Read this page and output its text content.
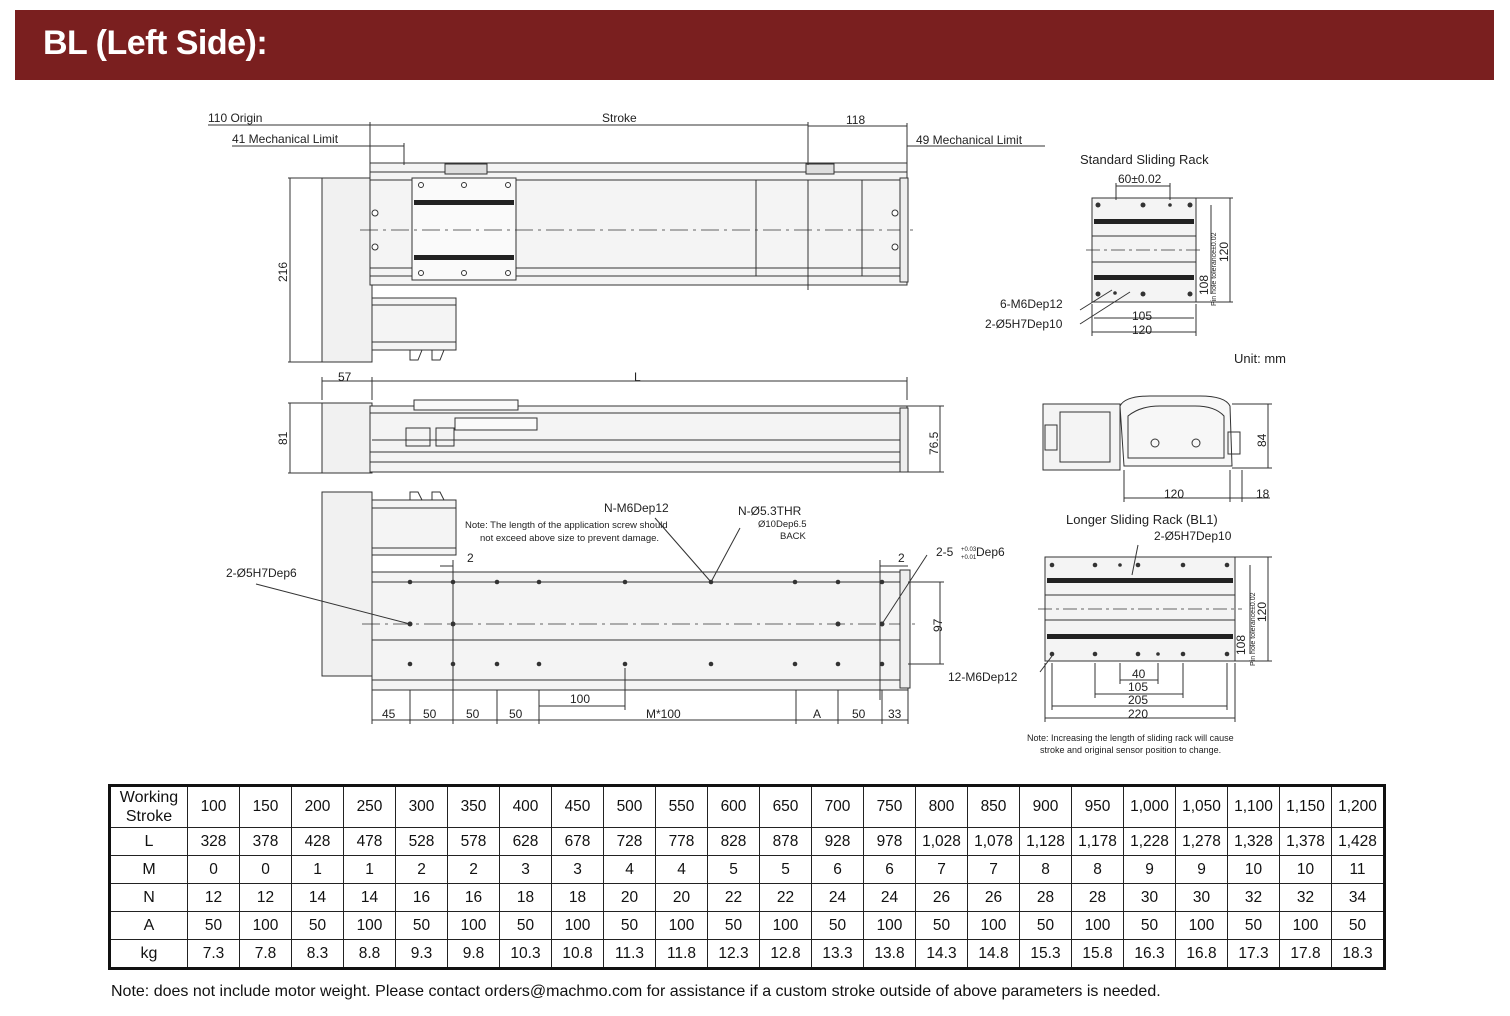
BL (Left Side):
110 Origin
41 Mechanical Limit
Stroke	118
49 Mechanical Limit
216
57	L
81	76.5
N-M6Dep12	N-Ø5.3THR
Ø10Dep6.5
BACK
2-Ø5H7Dep6
2-5 +0.03
+0.01 Dep6
2	2
97
100
45 50 50 50	M*100	A	50 33
Standard Sliding Rack
60±0.02
6-M6Dep12
2-Ø5H7Dep10
105
120
108
120
Pin hole tolerance±0.02
Unit: mm
84
120	18
Longer Sliding Rack (BL1)
2-Ø5H7Dep10
12-M6Dep12	40
105
205
220
108
120
Pin hole tolerance±0.02
Note: The length of the application screw should
not exceed above size to prevent damage.
Note: Increasing the length of sliding rack will cause
stroke and original sensor position to change.
Working Stroke	100	150	200	250	300	350	400	450	500	550	600	650	700	750	800	850	900	950	1,000	1,050	1,100	1,150	1,200
L	328	378	428	478	528	578	628	678	728	778	828	878	928	978	1,028	1,078	1,128	1,178	1,228	1,278	1,328	1,378	1,428
M	0	0	1	1	2	2	3	3	4	4	5	5	6	6	7	7	8	8	9	9	10	10	11
N	12	12	14	14	16	16	18	18	20	20	22	22	24	24	26	26	28	28	30	30	32	32	34
A	50	100	50	100	50	100	50	100	50	100	50	100	50	100	50	100	50	100	50	100	50	100	50
kg	7.3	7.8	8.3	8.8	9.3	9.8	10.3	10.8	11.3	11.8	12.3	12.8	13.3	13.8	14.3	14.8	15.3	15.8	16.3	16.8	17.3	17.8	18.3
Note: does not include motor weight. Please contact orders@machmo.com for assistance if a custom stroke outside of above parameters is needed.
